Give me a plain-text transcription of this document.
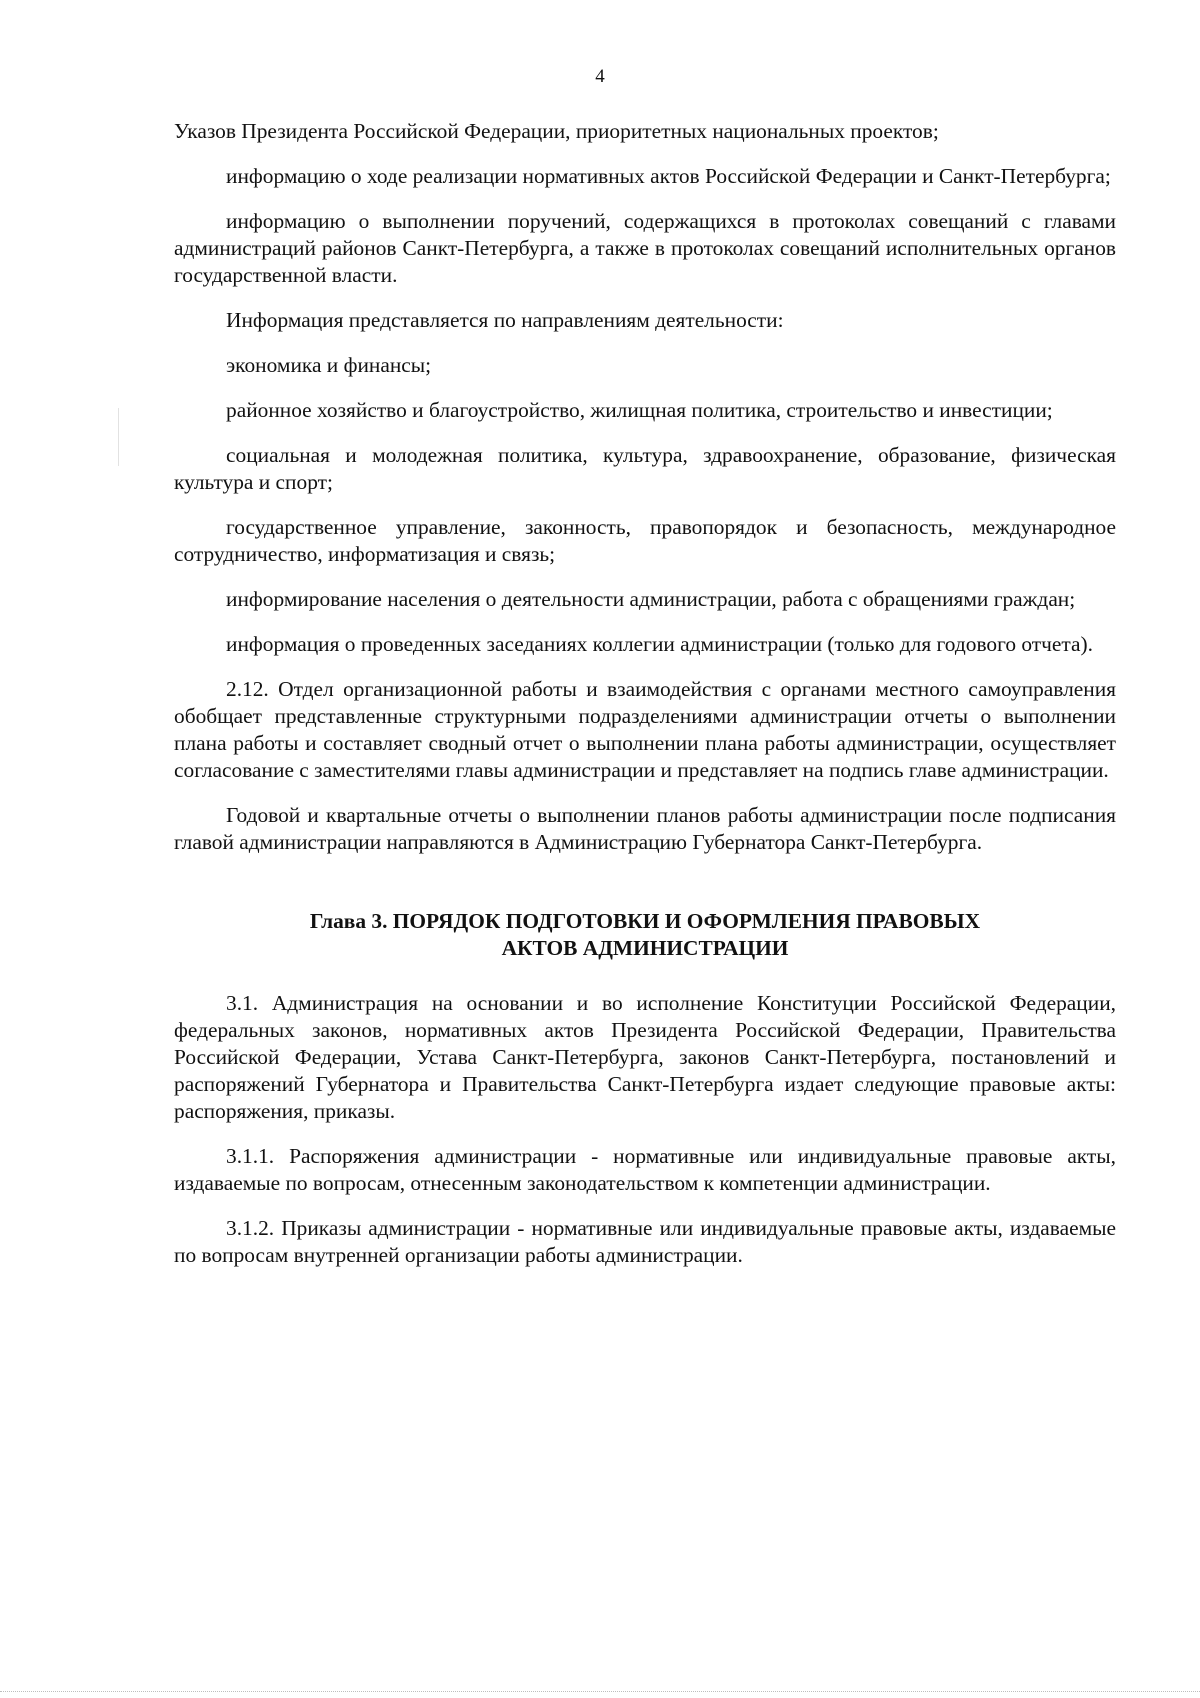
4

Указов Президента Российской Федерации, приоритетных национальных проектов;

информацию о ходе реализации нормативных актов Российской Федерации и Санкт-Петербурга;

информацию о выполнении поручений, содержащихся в протоколах совещаний с главами администраций районов Санкт-Петербурга, а также в протоколах совещаний исполнительных органов государственной власти.

Информация представляется по направлениям деятельности:

экономика и финансы;

районное хозяйство и благоустройство, жилищная политика, строительство и инвестиции;

социальная и молодежная политика, культура, здравоохранение, образование, физическая культура и спорт;

государственное управление, законность, правопорядок и безопасность, международное сотрудничество, информатизация и связь;

информирование населения о деятельности администрации, работа с обращениями граждан;

информация о проведенных заседаниях коллегии администрации (только для годового отчета).

2.12. Отдел организационной работы и взаимодействия с органами местного самоуправления обобщает представленные структурными подразделениями администрации отчеты о выполнении плана работы и составляет сводный отчет о выполнении плана работы администрации, осуществляет согласование с заместителями главы администрации и представляет на подпись главе администрации.

Годовой и квартальные отчеты о выполнении планов работы администрации после подписания главой администрации направляются в Администрацию Губернатора Санкт-Петербурга.

Глава 3. ПОРЯДОК ПОДГОТОВКИ И ОФОРМЛЕНИЯ ПРАВОВЫХ
АКТОВ АДМИНИСТРАЦИИ

3.1. Администрация на основании и во исполнение Конституции Российской Федерации, федеральных законов, нормативных актов Президента Российской Федерации, Правительства Российской Федерации, Устава Санкт-Петербурга, законов Санкт-Петербурга, постановлений и распоряжений Губернатора и Правительства Санкт-Петербурга издает следующие правовые акты: распоряжения, приказы.

3.1.1. Распоряжения администрации - нормативные или индивидуальные правовые акты, издаваемые по вопросам, отнесенным законодательством к компетенции администрации.

3.1.2. Приказы администрации - нормативные или индивидуальные правовые акты, издаваемые по вопросам внутренней организации работы администрации.
